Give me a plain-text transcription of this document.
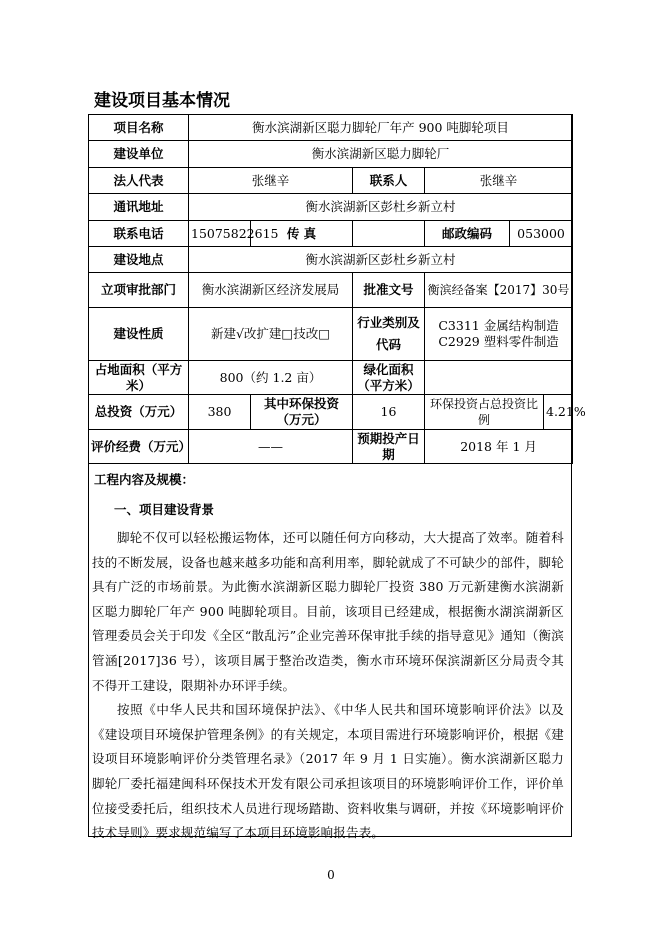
建设项目基本情况
项目名称	衡水滨湖新区聪力脚轮厂年产 900 吨脚轮项目					
建设单位	衡水滨湖新区聪力脚轮厂					
法人代表	张继辛		联系人	张继辛		
通讯地址	衡水滨湖新区彭杜乡新立村					
联系电话	15075822615	传 真		邮政编码	053000	
建设地点	衡水滨湖新区彭杜乡新立村					
立项审批部门	衡水滨湖新区经济发展局		批准文号	衡滨经备案【2017】30号		
建设性质	新建√改扩建□技改□		行业类别及代码	C3311 金属结构制造
C2929 塑料零件制造		

占地面积（平方米）	800（约 1.2 亩）		绿化面积（平方米）			
总投资（万元）	380	其中环保投资（万元）	16	环保投资占总投资比例		4.21%
评价经费（万元）	——		预期投产日期	2018 年 1 月		
工程内容及规模：
一、项目建设背景

脚轮不仅可以轻松搬运物体，还可以随任何方向移动，大大提高了效率。随着科技的不断发展，设备也越来越多功能和高利用率，脚轮就成了不可缺少的部件，脚轮具有广泛的市场前景。为此衡水滨湖新区聪力脚轮厂投资 380 万元新建衡水滨湖新区聪力脚轮厂年产 900 吨脚轮项目。目前，该项目已经建成，根据衡水湖滨湖新区管理委员会关于印发《全区“散乱污”企业完善环保审批手续的指导意见》通知（衡滨管涵[2017]36 号），该项目属于整治改造类，衡水市环境环保滨湖新区分局责令其不得开工建设，限期补办环评手续。

按照《中华人民共和国环境保护法》、《中华人民共和国环境影响评价法》以及《建设项目环境保护管理条例》的有关规定，本项目需进行环境影响评价，根据《建设项目环境影响评价分类管理名录》（2017 年 9 月 1 日实施）。衡水滨湖新区聪力脚轮厂委托福建闽科环保技术开发有限公司承担该项目的环境影响评价工作，评价单位接受委托后，组织技术人员进行现场踏勘、资料收集与调研，并按《环境影响评价技术导则》要求规范编写了本项目环境影响报告表。

0
